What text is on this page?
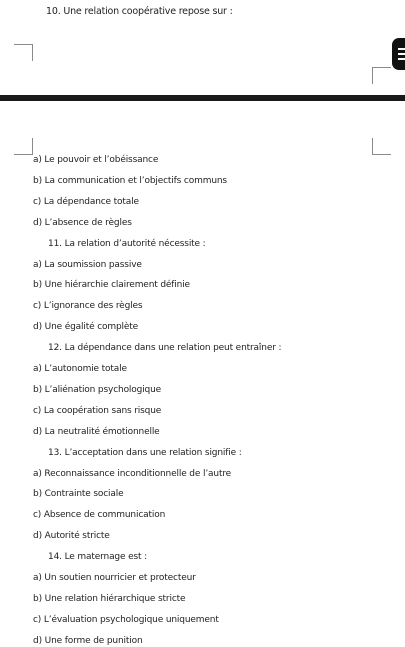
10. Une relation coopérative repose sur :
a) Le pouvoir et l’obéissance
b) La communication et l’objectifs communs
c) La dépendance totale
d) L’absence de règles
11. La relation d’autorité nécessite :
a) La soumission passive
b) Une hiérarchie clairement définie
c) L’ignorance des règles
d) Une égalité complète
12. La dépendance dans une relation peut entraîner :
a) L’autonomie totale
b) L’aliénation psychologique
c) La coopération sans risque
d) La neutralité émotionnelle
13. L’acceptation dans une relation signifie :
a) Reconnaissance inconditionnelle de l’autre
b) Contrainte sociale
c) Absence de communication
d) Autorité stricte
14. Le maternage est :
a) Un soutien nourricier et protecteur
b) Une relation hiérarchique stricte
c) L’évaluation psychologique uniquement
d) Une forme de punition
